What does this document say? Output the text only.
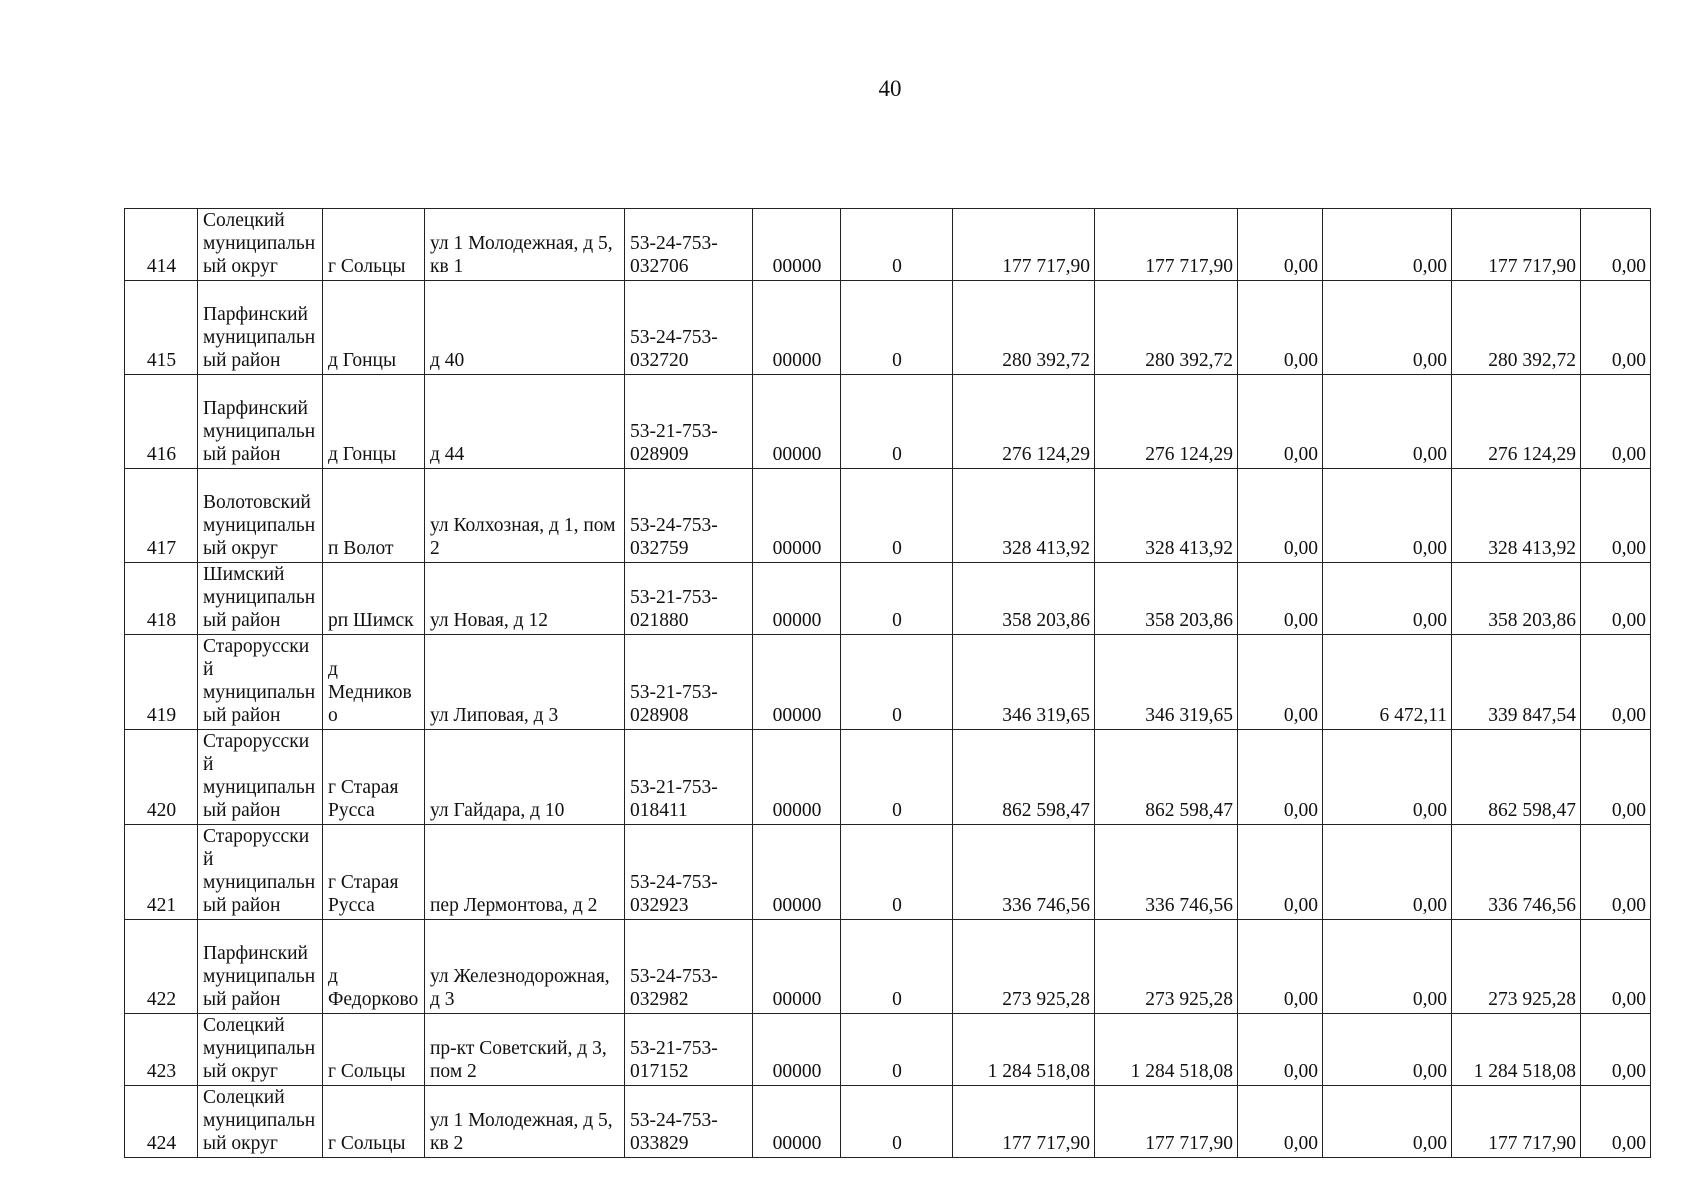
40
414	Солецкий муниципальный округ	г Сольцы	ул 1 Молодежная, д 5, кв 1	53-24-753-032706	00000	0	177 717,90	177 717,90	0,00	0,00	177 717,90	0,00
415	Парфинский муниципальный район	д Гонцы	д 40	53-24-753-032720	00000	0	280 392,72	280 392,72	0,00	0,00	280 392,72	0,00
416	Парфинский муниципальный район	д Гонцы	д 44	53-21-753-028909	00000	0	276 124,29	276 124,29	0,00	0,00	276 124,29	0,00
417	Волотовский муниципальный округ	п Волот	ул Колхозная, д 1, пом 2	53-24-753-032759	00000	0	328 413,92	328 413,92	0,00	0,00	328 413,92	0,00
418	Шимский муниципальный район	рп Шимск	ул Новая, д 12	53-21-753-021880	00000	0	358 203,86	358 203,86	0,00	0,00	358 203,86	0,00
419	Старорусский муниципальный район	д Медниково	ул Липовая, д 3	53-21-753-028908	00000	0	346 319,65	346 319,65	0,00	6 472,11	339 847,54	0,00
420	Старорусский муниципальный район	г Старая Русса	ул Гайдара, д 10	53-21-753-018411	00000	0	862 598,47	862 598,47	0,00	0,00	862 598,47	0,00
421	Старорусский муниципальный район	г Старая Русса	пер Лермонтова, д 2	53-24-753-032923	00000	0	336 746,56	336 746,56	0,00	0,00	336 746,56	0,00
422	Парфинский муниципальный район	д Федорково	ул Железнодорожная, д 3	53-24-753-032982	00000	0	273 925,28	273 925,28	0,00	0,00	273 925,28	0,00
423	Солецкий муниципальный округ	г Сольцы	пр-кт Советский, д 3, пом 2	53-21-753-017152	00000	0	1 284 518,08	1 284 518,08	0,00	0,00	1 284 518,08	0,00
424	Солецкий муниципальный округ	г Сольцы	ул 1 Молодежная, д 5, кв 2	53-24-753-033829	00000	0	177 717,90	177 717,90	0,00	0,00	177 717,90	0,00
